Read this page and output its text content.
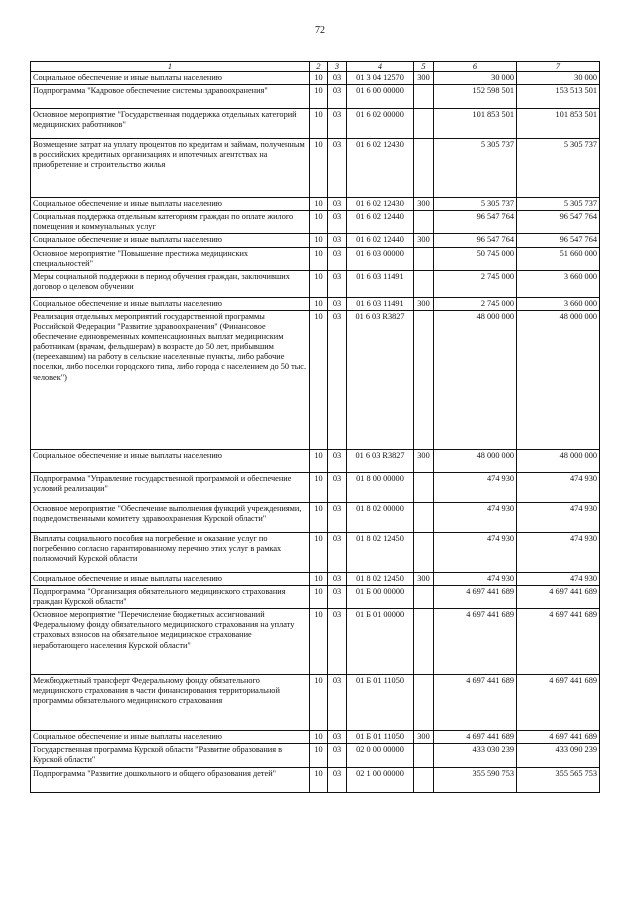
72
1	2	3	4	5	6	7
Социальное обеспечение и иные выплаты населению	10	03	01 3 04 12570	300	30 000	30 000
Подпрограмма "Кадровое обеспечение системы здравоохранения"	10	03	01 6 00 00000		152 598 501	153 513 501
Основное мероприятие "Государственная поддержка отдельных категорий медицинских работников"	10	03	01 6 02 00000		101 853 501	101 853 501
Возмещение затрат на уплату процентов по кредитам и займам, полученным в российских кредитных организациях и ипотечных агентствах на приобретение и строительство жилья	10	03	01 6 02 12430		5 305 737	5 305 737
Социальное обеспечение и иные выплаты населению	10	03	01 6 02 12430	300	5 305 737	5 305 737
Социальная поддержка отдельным категориям граждан по оплате жилого помещения и коммунальных услуг	10	03	01 6 02 12440		96 547 764	96 547 764
Социальное обеспечение и иные выплаты населению	10	03	01 6 02 12440	300	96 547 764	96 547 764
Основное мероприятие "Повышение престижа медицинских специальностей"	10	03	01 6 03 00000		50 745 000	51 660 000
Меры социальной поддержки в период обучения граждан, заключивших договор о целевом обучении	10	03	01 6 03 11491		2 745 000	3 660 000
Социальное обеспечение и иные выплаты населению	10	03	01 6 03 11491	300	2 745 000	3 660 000
Реализация отдельных мероприятий государственной программы Российской Федерации "Развитие здравоохранения" (Финансовое обеспечение единовременных компенсационных выплат медицинским работникам (врачам, фельдшерам) в возрасте до 50 лет, прибывшим (переехавшим) на работу в сельские населенные пункты, либо рабочие поселки, либо поселки городского типа, либо города с населением до 50 тыс. человек")	10	03	01 6 03 R3827		48 000 000	48 000 000
Социальное обеспечение и иные выплаты населению	10	03	01 6 03 R3827	300	48 000 000	48 000 000
Подпрограмма "Управление государственной программой и обеспечение условий реализации"	10	03	01 8 00 00000		474 930	474 930
Основное мероприятие "Обеспечение выполнения функций учреждениями, подведомственными комитету здравоохранения Курской области"	10	03	01 8 02 00000		474 930	474 930
Выплаты социального пособия на погребение и оказание услуг по погребению согласно гарантированному перечню этих услуг в рамках полномочий Курской области	10	03	01 8 02 12450		474 930	474 930
Социальное обеспечение и иные выплаты населению	10	03	01 8 02 12450	300	474 930	474 930
Подпрограмма "Организация обязательного медицинского страхования граждан Курской области"	10	03	01 Б 00 00000		4 697 441 689	4 697 441 689
Основное мероприятие "Перечисление бюджетных ассигнований Федеральному фонду обязательного медицинского страхования на уплату страховых взносов на обязательное медицинское страхование неработающего населения Курской области"	10	03	01 Б 01 00000		4 697 441 689	4 697 441 689
Межбюджетный трансферт Федеральному фонду обязательного медицинского страхования в части финансирования территориальной программы обязательного медицинского страхования	10	03	01 Б 01 11050		4 697 441 689	4 697 441 689
Социальное обеспечение и иные выплаты населению	10	03	01 Б 01 11050	300	4 697 441 689	4 697 441 689
Государственная программа Курской области "Развитие образования в Курской области"	10	03	02 0 00 00000		433 030 239	433 090 239
Подпрограмма "Развитие дошкольного и общего образования детей"	10	03	02 1 00 00000		355 590 753	355 565 753
